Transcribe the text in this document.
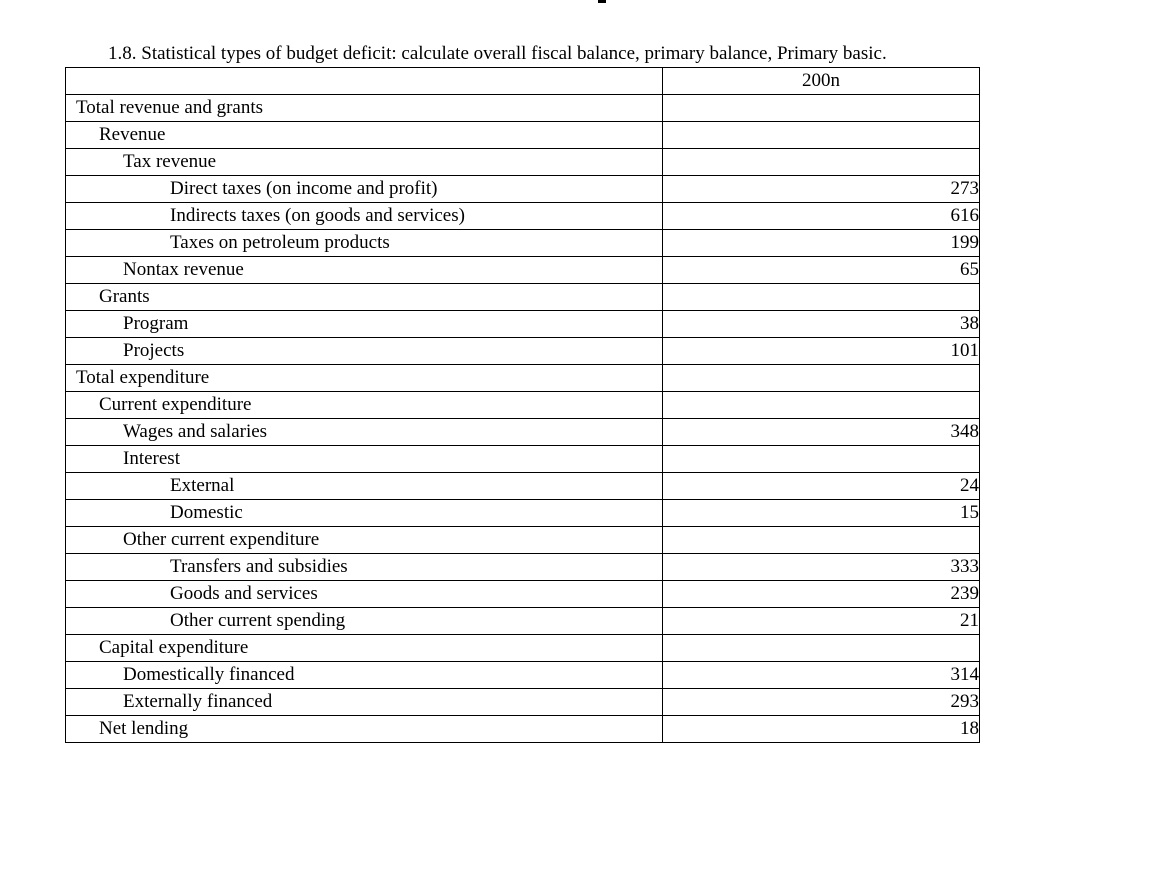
1.8. Statistical types of budget deficit: calculate overall fiscal balance, primary balance, Primary basic.
	200n
Total revenue and grants	
Revenue	
Tax revenue	
Direct taxes (on income and profit)	273
Indirects taxes (on goods and services)	616
Taxes on petroleum products	199
Nontax revenue	65
Grants	
Program	38
Projects	101
Total expenditure	
Current expenditure	
Wages and salaries	348
Interest	
External	24
Domestic	15
Other current expenditure	
Transfers and subsidies	333
Goods and services	239
Other current spending	21
Capital expenditure	
Domestically financed	314
Externally financed	293
Net lending	18
